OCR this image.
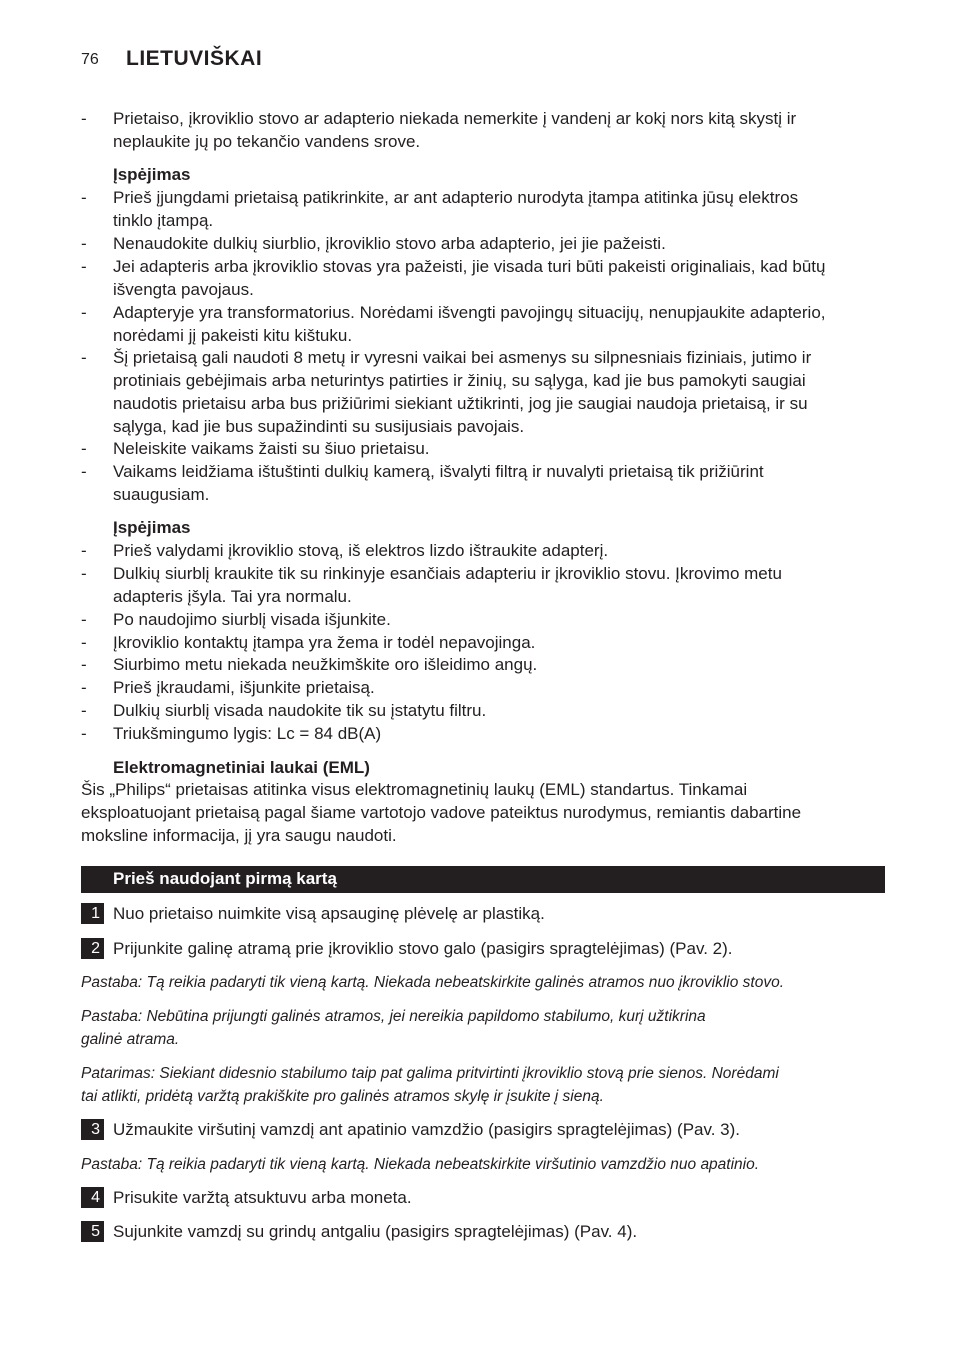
76	LIETUVIŠKAI
- Prietaiso, įkroviklio stovo ar adapterio niekada nemerkite į vandenį ar kokį nors kitą skystį ir
neplaukite jų po tekančio vandens srove.
Įspėjimas
- Prieš įjungdami prietaisą patikrinkite, ar ant adapterio nurodyta įtampa atitinka jūsų elektros
tinklo įtampą.
- Nenaudokite dulkių siurblio, įkroviklio stovo arba adapterio, jei jie pažeisti.
- Jei adapteris arba įkroviklio stovas yra pažeisti, jie visada turi būti pakeisti originaliais, kad būtų
išvengta pavojaus.
- Adapteryje yra transformatorius. Norėdami išvengti pavojingų situacijų, nenupjaukite adapterio,
norėdami jį pakeisti kitu kištuku.
- Šį prietaisą gali naudoti 8 metų ir vyresni vaikai bei asmenys su silpnesniais fiziniais, jutimo ir
protiniais gebėjimais arba neturintys patirties ir žinių, su sąlyga, kad jie bus pamokyti saugiai
naudotis prietaisu arba bus prižiūrimi siekiant užtikrinti, jog jie saugiai naudoja prietaisą, ir su
sąlyga, kad jie bus supažindinti su susijusiais pavojais.
- Neleiskite vaikams žaisti su šiuo prietaisu.
- Vaikams leidžiama ištuštinti dulkių kamerą, išvalyti filtrą ir nuvalyti prietaisą tik prižiūrint
suaugusiam.
Įspėjimas
- Prieš valydami įkroviklio stovą, iš elektros lizdo ištraukite adapterį.
- Dulkių siurblį kraukite tik su rinkinyje esančiais adapteriu ir įkroviklio stovu. Įkrovimo metu
adapteris įšyla. Tai yra normalu.
- Po naudojimo siurblį visada išjunkite.
- Įkroviklio kontaktų įtampa yra žema ir todėl nepavojinga.
- Siurbimo metu niekada neužkimškite oro išleidimo angų.
- Prieš įkraudami, išjunkite prietaisą.
- Dulkių siurblį visada naudokite tik su įstatytu filtru.
- Triukšmingumo lygis: Lc = 84 dB(A)
Elektromagnetiniai laukai (EML)
Šis „Philips“ prietaisas atitinka visus elektromagnetinių laukų (EML) standartus. Tinkamai
eksploatuojant prietaisą pagal šiame vartotojo vadove pateiktus nurodymus, remiantis dabartine
moksline informacija, jį yra saugu naudoti.
Prieš naudojant pirmą kartą
1 Nuo prietaiso nuimkite visą apsauginę plėvelę ar plastiką.
2 Prijunkite galinę atramą prie įkroviklio stovo galo (pasigirs spragtelėjimas) (Pav. 2).
Pastaba: Tą reikia padaryti tik vieną kartą. Niekada nebeatskirkite galinės atramos nuo įkroviklio stovo.
Pastaba: Nebūtina prijungti galinės atramos, jei nereikia papildomo stabilumo, kurį užtikrina
galinė atrama.
Patarimas: Siekiant didesnio stabilumo taip pat galima pritvirtinti įkroviklio stovą prie sienos. Norėdami
tai atlikti, pridėtą varžtą prakiškite pro galinės atramos skylę ir įsukite į sieną.
3 Užmaukite viršutinį vamzdį ant apatinio vamzdžio (pasigirs spragtelėjimas) (Pav. 3).
Pastaba: Tą reikia padaryti tik vieną kartą. Niekada nebeatskirkite viršutinio vamzdžio nuo apatinio.
4 Prisukite varžtą atsuktuvu arba moneta.
5 Sujunkite vamzdį su grindų antgaliu (pasigirs spragtelėjimas) (Pav. 4).
